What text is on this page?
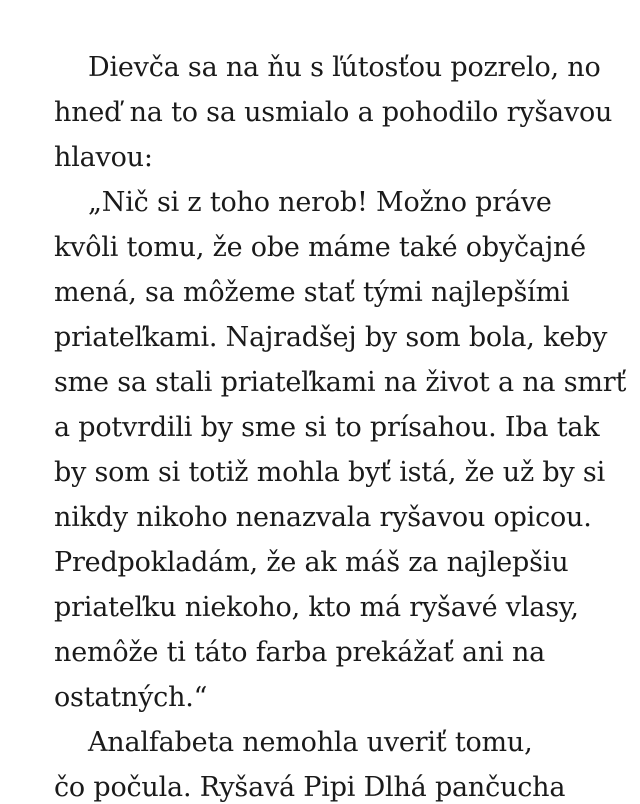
Dievča sa na ňu s ľútosťou pozrelo, no

hneď na to sa usmialo a pohodilo ryšavou

hlavou:

„Nič si z toho nerob! Možno práve

kvôli tomu, že obe máme také obyčajné

mená, sa môžeme stať tými najlepšími

priateľkami. Najradšej by som bola, keby

sme sa stali priateľkami na život a na smrť

a potvrdili by sme si to prísahou. Iba tak

by som si totiž mohla byť istá, že už by si

nikdy nikoho nenazvala ryšavou opicou.

Predpokladám, že ak máš za najlepšiu

priateľku niekoho, kto má ryšavé vlasy,

nemôže ti táto farba prekážať ani na

ostatných.“

Analfabeta nemohla uveriť tomu,

čo počula. Ryšavá Pipi Dlhá pančucha
